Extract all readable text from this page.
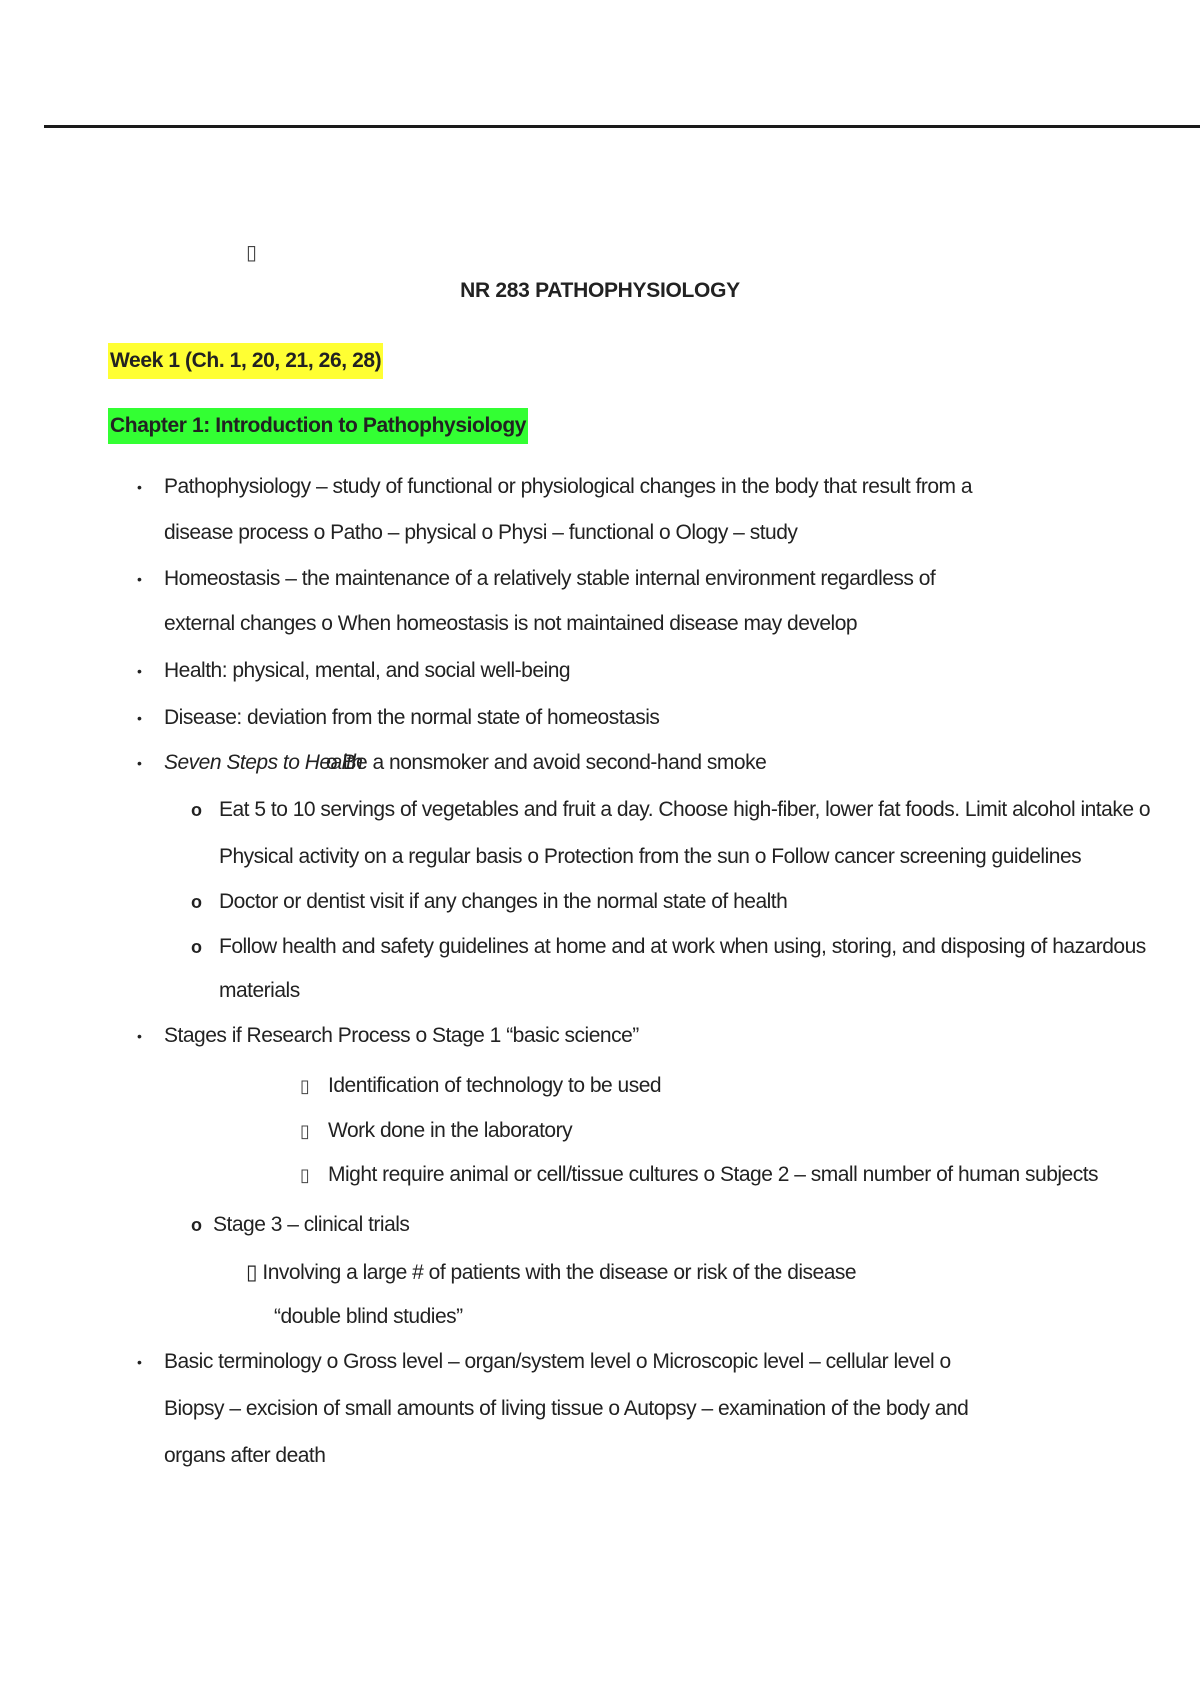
▯
NR 283 PATHOPHYSIOLOGY
Week 1 (Ch. 1, 20, 21, 26, 28)
Chapter 1: Introduction to Pathophysiology
• Pathophysiology – study of functional or physiological changes in the body that result from a
disease process o Patho – physical o Physi – functional o Ology – study
• Homeostasis – the maintenance of a relatively stable internal environment regardless of
external changes o When homeostasis is not maintained disease may develop
• Health: physical, mental, and social well-being
• Disease: deviation from the normal state of homeostasis
• Seven Steps to Health
o Be a nonsmoker and avoid second-hand smoke
o Eat 5 to 10 servings of vegetables and fruit a day. Choose high-fiber, lower fat foods. Limit alcohol intake o
Physical activity on a regular basis o Protection from the sun o Follow cancer screening guidelines
o Doctor or dentist visit if any changes in the normal state of health
o Follow health and safety guidelines at home and at work when using, storing, and disposing of hazardous
materials
• Stages if Research Process o Stage 1 “basic science”
▯ Identification of technology to be used
▯ Work done in the laboratory
▯ Might require animal or cell/tissue cultures o Stage 2 – small number of human subjects
o Stage 3 – clinical trials
▯ Involving a large # of patients with the disease or risk of the disease
“double blind studies”
• Basic terminology o Gross level – organ/system level o Microscopic level – cellular level o
Biopsy – excision of small amounts of living tissue o Autopsy – examination of the body and
organs after death
